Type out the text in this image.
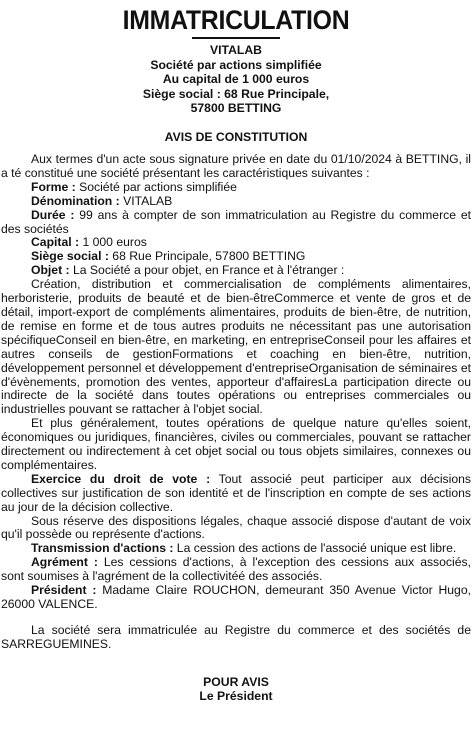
IMMATRICULATION
VITALAB
Société par actions simplifiée
Au capital de 1 000 euros
Siège social : 68 Rue Principale,
57800 BETTING
AVIS DE CONSTITUTION

Aux termes d'un acte sous signature privée en date du 01/10/2024 à BETTING, il a té constitué une société présentant les caractéristiques suivantes :

Forme : Société par actions simplifiée

Dénomination : VITALAB

Durée : 99 ans à compter de son immatriculation au Registre du commerce et des sociétés

Capital : 1 000 euros

Siège social : 68 Rue Principale, 57800 BETTING

Objet : La Société a pour objet, en France et à l'étranger :

Création, distribution et commercialisation de compléments alimentaires, herboristerie, produits de beauté et de bien-êtreCommerce et vente de gros et de détail, import-export de compléments alimentaires, produits de bien-être, de nutrition, de remise en forme et de tous autres produits ne nécessitant pas une autorisation spécifiqueConseil en bien-être, en marketing, en entrepriseConseil pour les affaires et autres conseils de gestionFormations et coaching en bien-être, nutrition, développement personnel et développement d'entrepriseOrganisation de séminaires et d'évènements, promotion des ventes, apporteur d'affairesLa participation directe ou indirecte de la société dans toutes opérations ou entreprises commerciales ou industrielles pouvant se rattacher à l'objet social.

Et plus généralement, toutes opérations de quelque nature qu'elles soient, économiques ou juridiques, financières, civiles ou commerciales, pouvant se rattacher directement ou indirectement à cet objet social ou tous objets similaires, connexes ou complémentaires.

Exercice du droit de vote : Tout associé peut participer aux décisions collectives sur justification de son identité et de l'inscription en compte de ses actions au jour de la décision collective.

Sous réserve des dispositions légales, chaque associé dispose d'autant de voix qu'il possède ou représente d'actions.

Transmission d'actions : La cession des actions de l'associé unique est libre.

Agrément : Les cessions d'actions, à l'exception des cessions aux associés, sont soumises à l'agrément de la collectivitéé des associés.

Président : Madame Claire ROUCHON, demeurant 350 Avenue Victor Hugo, 26000 VALENCE.

La société sera immatriculée au Registre du commerce et des sociétés de SARREGUEMINES.

POUR AVIS
Le Président
